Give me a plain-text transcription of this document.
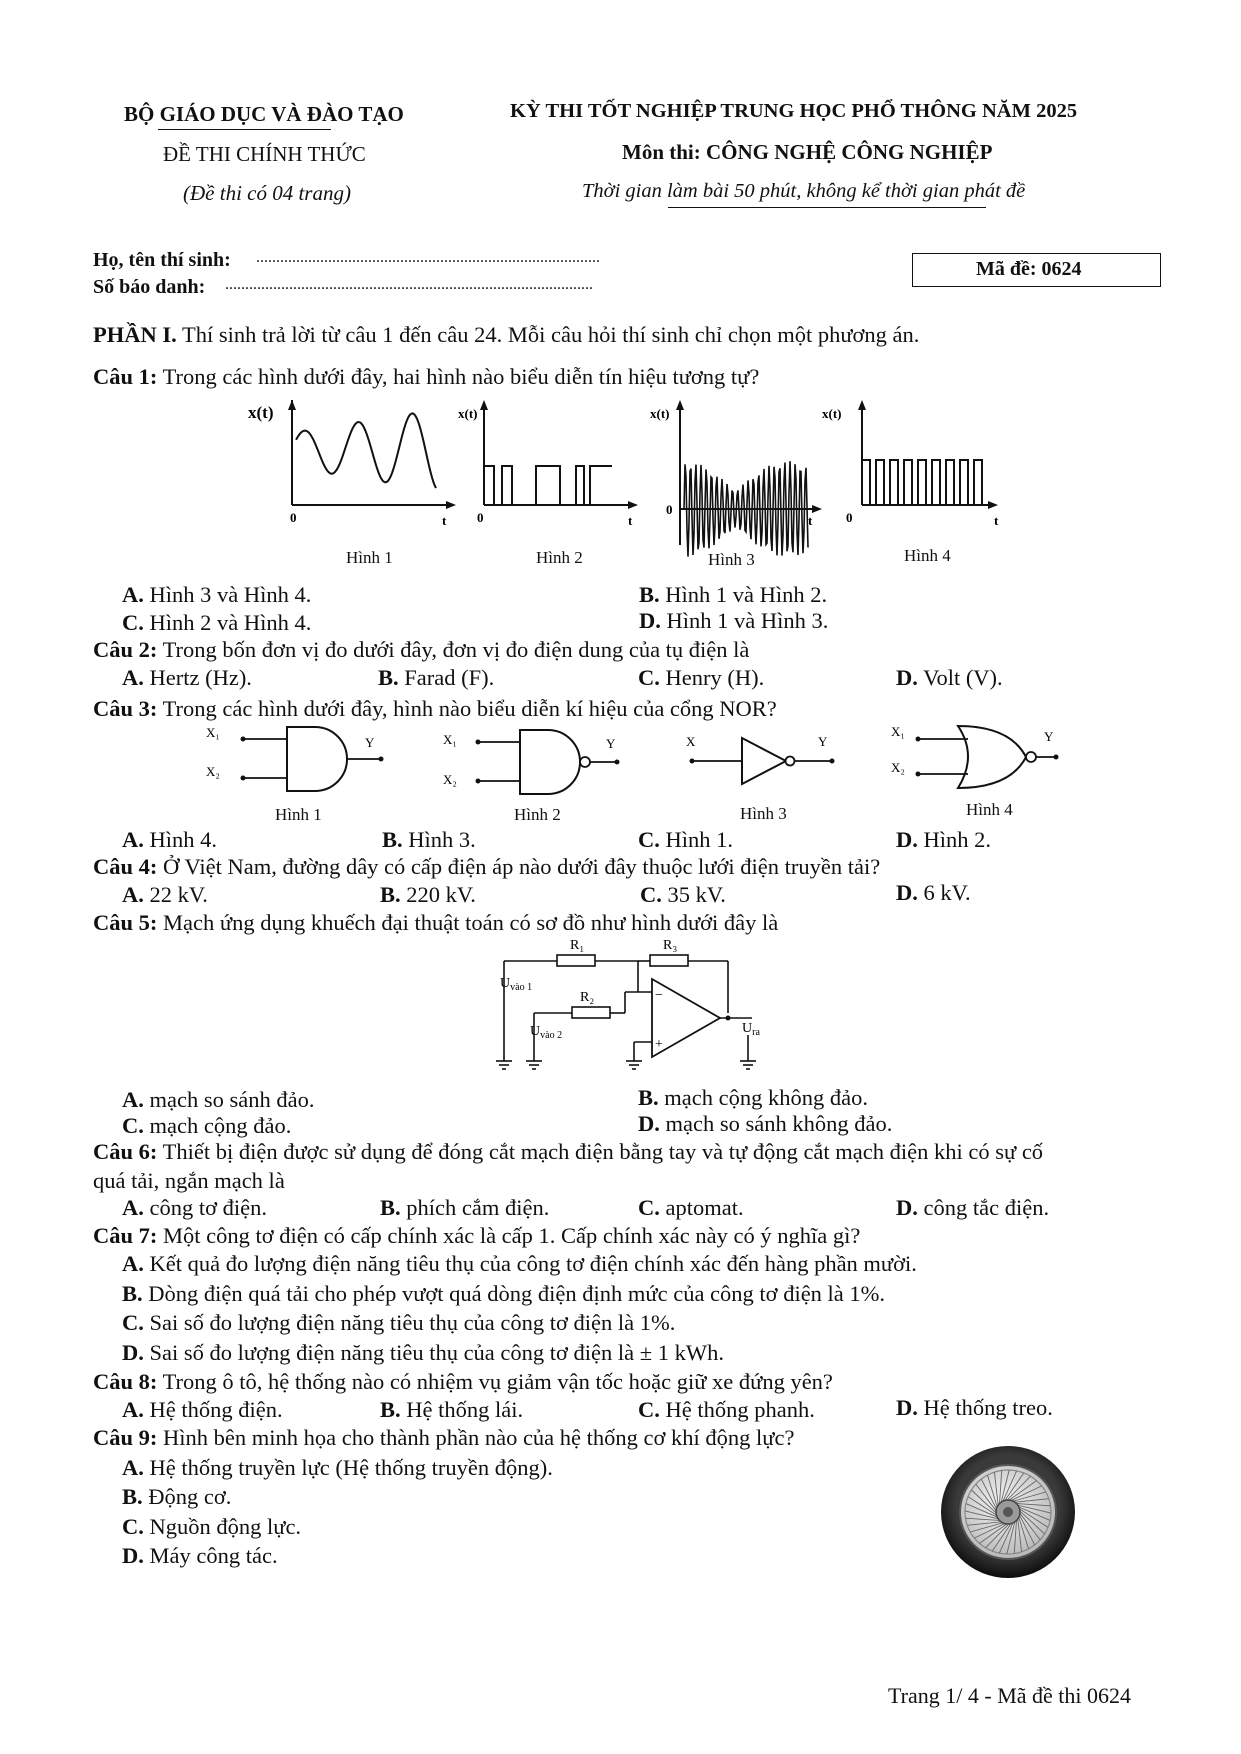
BỘ GIÁO DỤC VÀ ĐÀO TẠO
ĐỀ THI CHÍNH THỨC
(Đề thi có 04 trang)
KỲ THI TỐT NGHIỆP TRUNG HỌC PHỔ THÔNG NĂM 2025
Môn thi: CÔNG NGHỆ CÔNG NGHIỆP
Thời gian làm bài 50 phút, không kể thời gian phát đề
Họ, tên thí sinh: ......................................................................................
Số báo danh: ............................................................................................
Mã đề: 0624
PHẦN I. Thí sinh trả lời từ câu 1 đến câu 24. Mỗi câu hỏi thí sinh chỉ chọn một phương án.
Câu 1: Trong các hình dưới đây, hai hình nào biểu diễn tín hiệu tương tự?
x(t)
0	t
Hình 1
x(t)
0	t
Hình 2
x(t)
0
t
Hình 3
x(t)
0	t
Hình 4
A. Hình 3 và Hình 4.	B. Hình 1 và Hình 2.
C. Hình 2 và Hình 4.	D. Hình 1 và Hình 3.
Câu 2: Trong bốn đơn vị đo dưới đây, đơn vị đo điện dung của tụ điện là
A. Hertz (Hz).	B. Farad (F).	C. Henry (H).	D. Volt (V).
Câu 3: Trong các hình dưới đây, hình nào biểu diễn kí hiệu của cổng NOR?
X₁
X₂
Y
Hình 1
X₁
X₂
Y
Hình 2
X	Y
Hình 3
X₁
X₂
Y
Hình 4
A. Hình 4.	B. Hình 3.	C. Hình 1.	D. Hình 2.
Câu 4: Ở Việt Nam, đường dây có cấp điện áp nào dưới đây thuộc lưới điện truyền tải?
A. 22 kV.	B. 220 kV.	C. 35 kV.	D. 6 kV.
Câu 5: Mạch ứng dụng khuếch đại thuật toán có sơ đồ như hình dưới đây là
−
+
R₁	R₃
R₂
$U_{vào 1}$
$U_{vào 2}$	$U_{ra}$
A. mạch so sánh đảo.	B. mạch cộng không đảo.
C. mạch cộng đảo.	D. mạch so sánh không đảo.
Câu 6: Thiết bị điện được sử dụng để đóng cắt mạch điện bằng tay và tự động cắt mạch điện khi có sự cố
quá tải, ngắn mạch là
A. công tơ điện.	B. phích cắm điện.	C. aptomat.	D. công tắc điện.
Câu 7: Một công tơ điện có cấp chính xác là cấp 1. Cấp chính xác này có ý nghĩa gì?
A. Kết quả đo lượng điện năng tiêu thụ của công tơ điện chính xác đến hàng phần mười.
B. Dòng điện quá tải cho phép vượt quá dòng điện định mức của công tơ điện là 1%.
C. Sai số đo lượng điện năng tiêu thụ của công tơ điện là 1%.
D. Sai số đo lượng điện năng tiêu thụ của công tơ điện là ± 1 kWh.
Câu 8: Trong ô tô, hệ thống nào có nhiệm vụ giảm vận tốc hoặc giữ xe đứng yên?
A. Hệ thống điện.	B. Hệ thống lái.	C. Hệ thống phanh.	D. Hệ thống treo.
Câu 9: Hình bên minh họa cho thành phần nào của hệ thống cơ khí động lực?
A. Hệ thống truyền lực (Hệ thống truyền động).
B. Động cơ.
C. Nguồn động lực.
D. Máy công tác.
Trang 1/ 4 - Mã đề thi 0624
